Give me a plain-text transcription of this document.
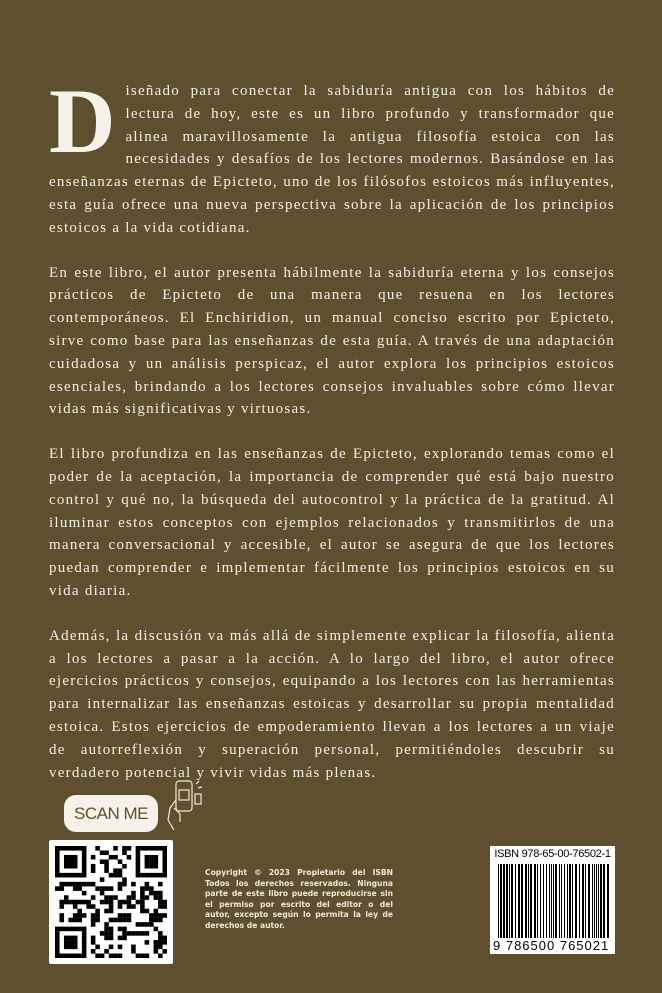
Diseñado para conectar la sabiduría antigua con los hábitos de lectura de hoy, este es un libro profundo y transformador que alinea maravillosamente la antigua filosofía estoica con las necesidades y desafíos de los lectores modernos. Basándose en las enseñanzas eternas de Epicteto, uno de los filósofos estoicos más influyentes, esta guía ofrece una nueva perspectiva sobre la aplicación de los principios estoicos a la vida cotidiana.

En este libro, el autor presenta hábilmente la sabiduría eterna y los consejos prácticos de Epicteto de una manera que resuena en los lectores contemporáneos. El Enchiridion, un manual conciso escrito por Epicteto, sirve como base para las enseñanzas de esta guía. A través de una adaptación cuidadosa y un análisis perspicaz, el autor explora los principios estoicos esenciales, brindando a los lectores consejos invaluables sobre cómo llevar vidas más significativas y virtuosas.

El libro profundiza en las enseñanzas de Epicteto, explorando temas como el poder de la aceptación, la importancia de comprender qué está bajo nuestro control y qué no, la búsqueda del autocontrol y la práctica de la gratitud. Al iluminar estos conceptos con ejemplos relacionados y transmitirlos de una manera conversacional y accesible, el autor se asegura de que los lectores puedan comprender e implementar fácilmente los principios estoicos en su vida diaria.

Además, la discusión va más allá de simplemente explicar la filosofía, alienta a los lectores a pasar a la acción. A lo largo del libro, el autor ofrece ejercicios prácticos y consejos, equipando a los lectores con las herramientas para internalizar las enseñanzas estoicas y desarrollar su propia mentalidad estoica. Estos ejercicios de empoderamiento llevan a los lectores a un viaje de autorreflexión y superación personal, permitiéndoles descubrir su verdadero potencial y vivir vidas más plenas.

SCAN ME
Copyright © 2023 Propietario del ISBN Todos los derechos reservados. Ninguna parte de este libro puede reproducirse sin el permiso por escrito del editor o del autor, excepto según lo permita la ley de derechos de autor.
ISBN 978-65-00-76502-1
9 786500 765021
